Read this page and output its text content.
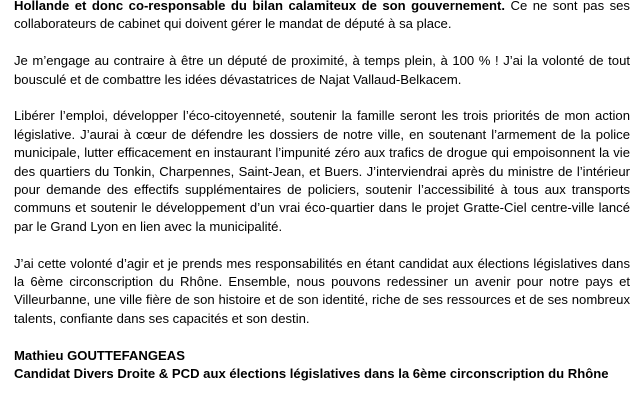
Hollande et donc co-responsable du bilan calamiteux de son gouvernement. Ce ne sont pas ses collaborateurs de cabinet qui doivent gérer le mandat de député à sa place.

Je m’engage au contraire à être un député de proximité, à temps plein, à 100 % ! J’ai la volonté de tout bousculé et de combattre les idées dévastatrices de Najat Vallaud-Belkacem.

Libérer l’emploi, développer l’éco-citoyenneté, soutenir la famille seront les trois priorités de mon action législative. J’aurai à cœur de défendre les dossiers de notre ville, en soutenant l’armement de la police municipale, lutter efficacement en instaurant l’impunité zéro aux trafics de drogue qui empoisonnent la vie des quartiers du Tonkin, Charpennes, Saint-Jean, et Buers. J’interviendrai après du ministre de l’intérieur pour demande des effectifs supplémentaires de policiers, soutenir l’accessibilité à tous aux transports communs et soutenir le développement d’un vrai éco-quartier dans le projet Gratte-Ciel centre-ville lancé par le Grand Lyon en lien avec la municipalité.

J’ai cette volonté d’agir et je prends mes responsabilités en étant candidat aux élections législatives dans la 6ème circonscription du Rhône. Ensemble, nous pouvons redessiner un avenir pour notre pays et Villeurbanne, une ville fière de son histoire et de son identité, riche de ses ressources et de ses nombreux talents, confiante dans ses capacités et son destin.

Mathieu GOUTTEFANGEAS

Candidat Divers Droite & PCD aux élections législatives dans la 6ème circonscription du Rhône
